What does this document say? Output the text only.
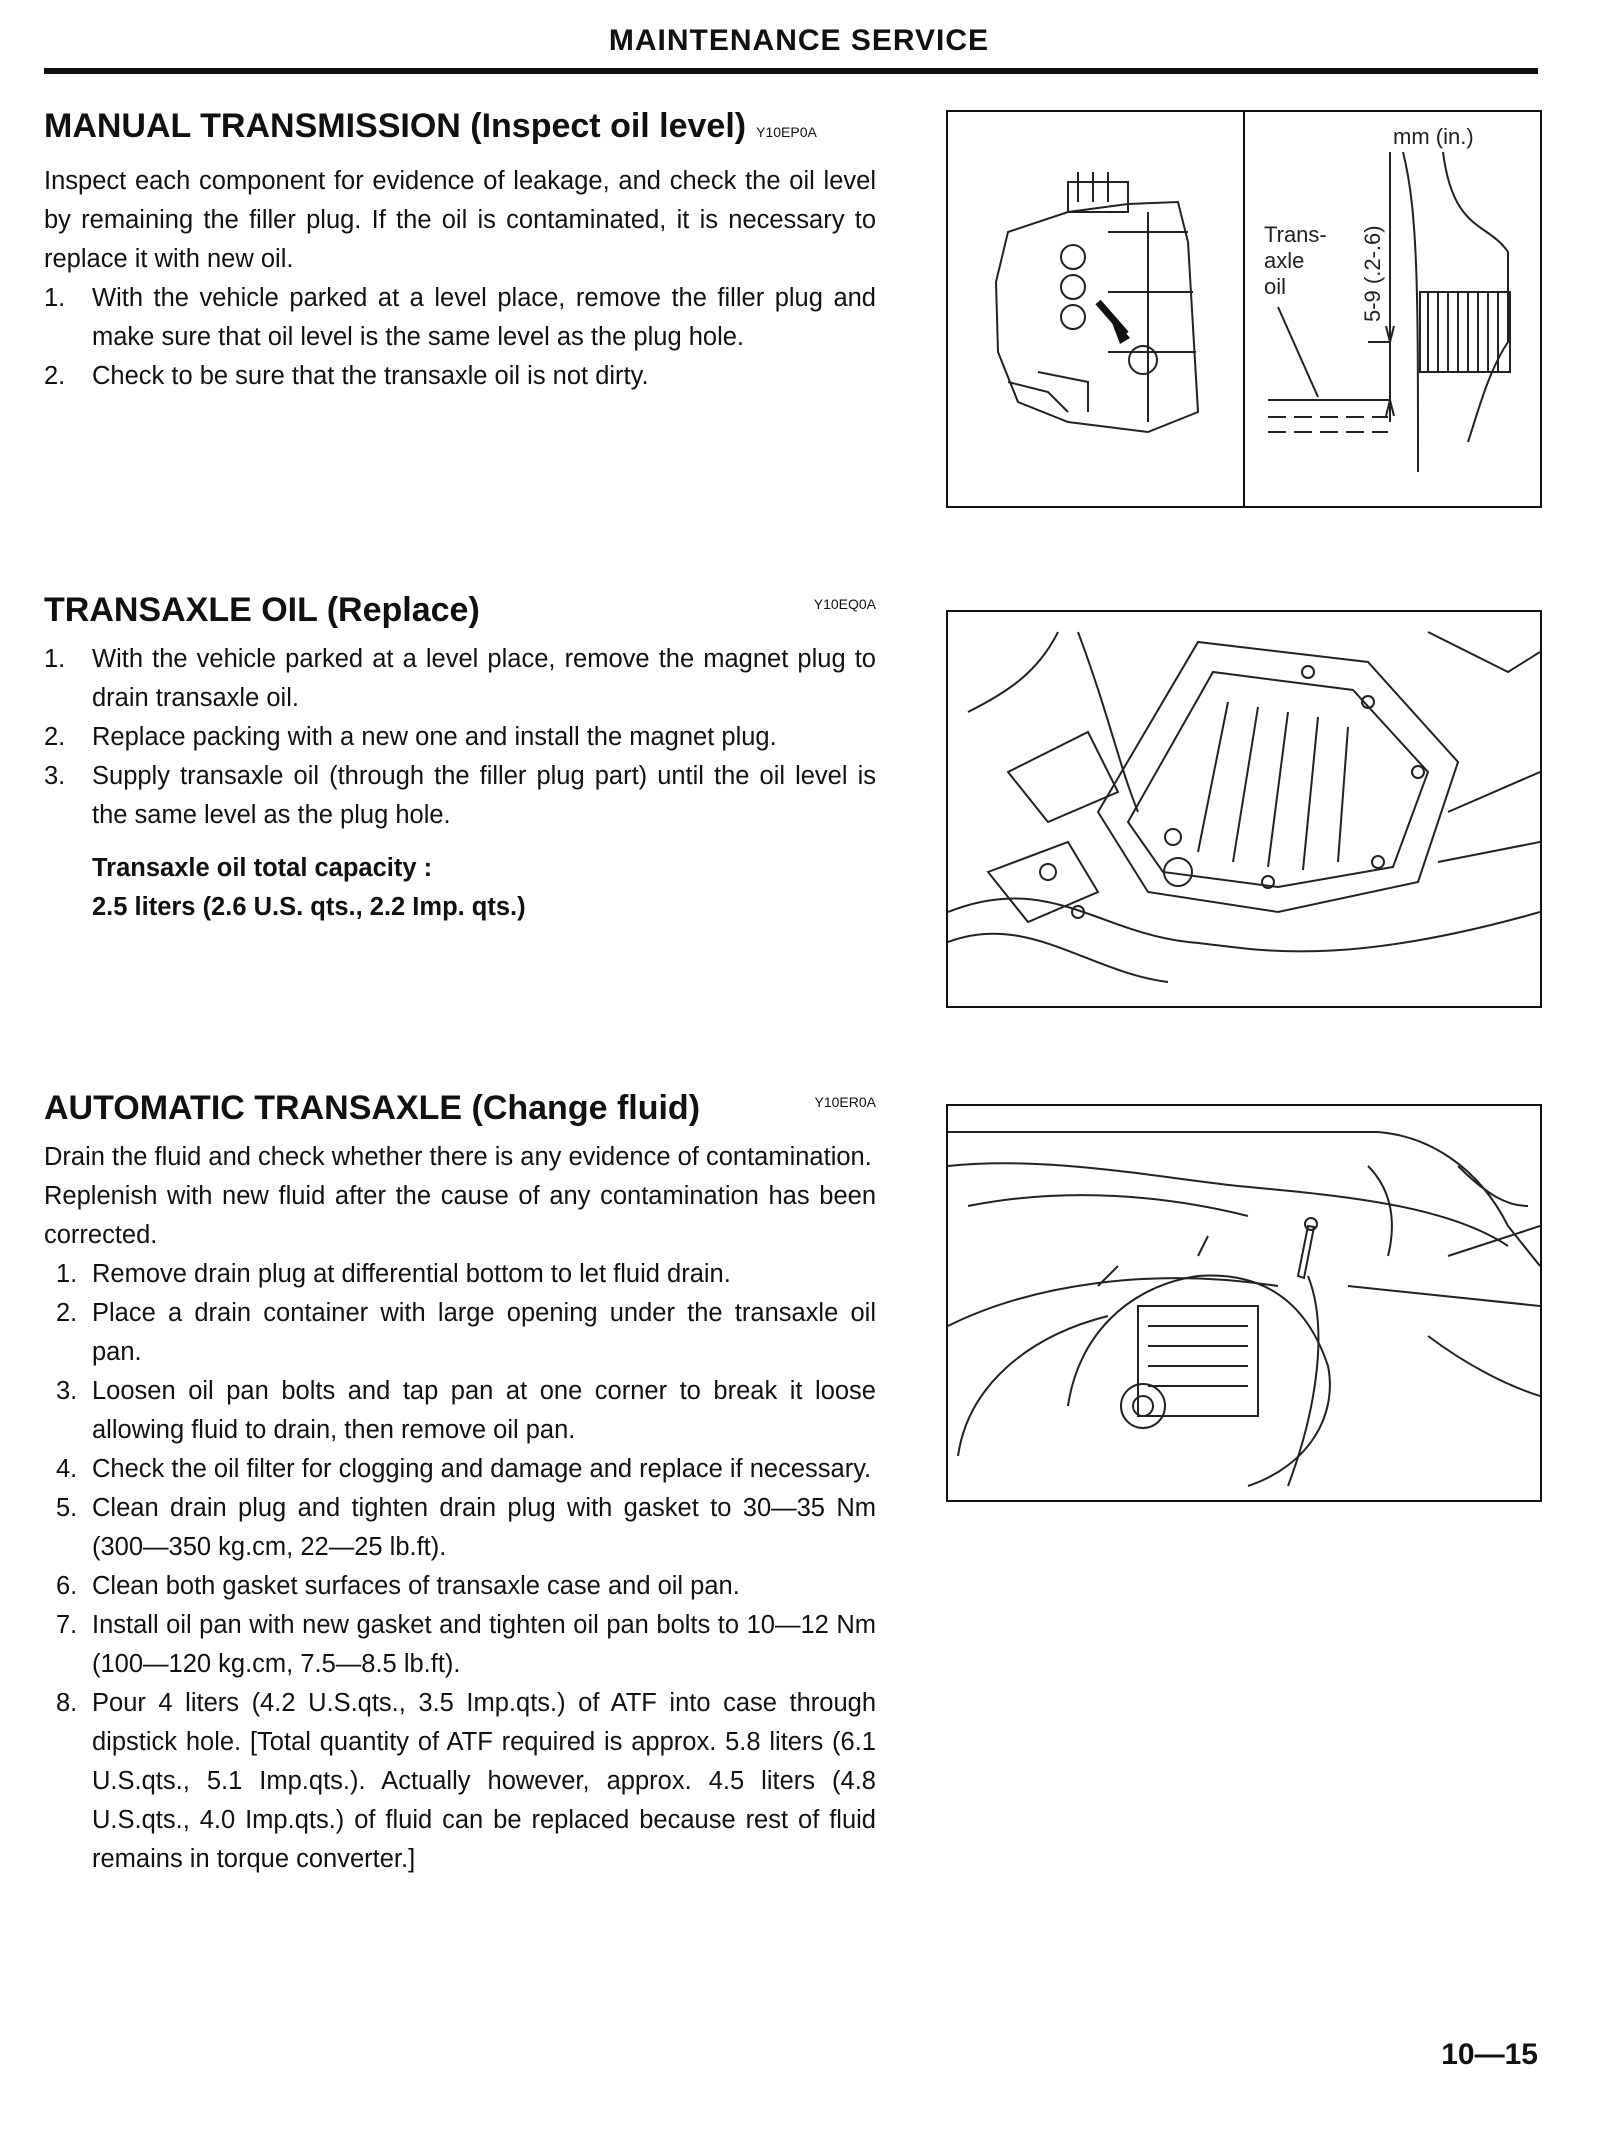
MAINTENANCE SERVICE
MANUAL TRANSMISSION (Inspect oil level) Y10EP0A

Inspect each component for evidence of leakage, and check the oil level by remaining the filler plug. If the oil is contaminated, it is necessary to replace it with new oil.

1. With the vehicle parked at a level place, remove the filler plug and make sure that oil level is the same level as the plug hole.
2. Check to be sure that the transaxle oil is not dirty.
mm (in.)
Trans-
axle
oil	5-9 (.2-.6)
TRANSAXLE OIL (Replace)	Y10EQ0A
1. With the vehicle parked at a level place, remove the magnet plug to drain transaxle oil.
2. Replace packing with a new one and install the magnet plug.
3. Supply transaxle oil (through the filler plug part) until the oil level is the same level as the plug hole.
Transaxle oil total capacity :
2.5 liters (2.6 U.S. qts., 2.2 Imp. qts.)
AUTOMATIC TRANSAXLE (Change fluid)	Y10ER0A

Drain the fluid and check whether there is any evidence of contamination.

Replenish with new fluid after the cause of any contamination has been corrected.

1. Remove drain plug at differential bottom to let fluid drain.
2. Place a drain container with large opening under the transaxle oil pan.
3. Loosen oil pan bolts and tap pan at one corner to break it loose allowing fluid to drain, then remove oil pan.
4. Check the oil filter for clogging and damage and replace if necessary.
5. Clean drain plug and tighten drain plug with gasket to 30—35 Nm (300—350 kg.cm, 22—25 lb.ft).
6. Clean both gasket surfaces of transaxle case and oil pan.
7. Install oil pan with new gasket and tighten oil pan bolts to 10—12 Nm (100—120 kg.cm, 7.5—8.5 lb.ft).
8. Pour 4 liters (4.2 U.S.qts., 3.5 Imp.qts.) of ATF into case through dipstick hole. [Total quantity of ATF required is approx. 5.8 liters (6.1 U.S.qts., 5.1 Imp.qts.). Actually however, approx. 4.5 liters (4.8 U.S.qts., 4.0 Imp.qts.) of fluid can be replaced because rest of fluid remains in torque converter.]
10—15
